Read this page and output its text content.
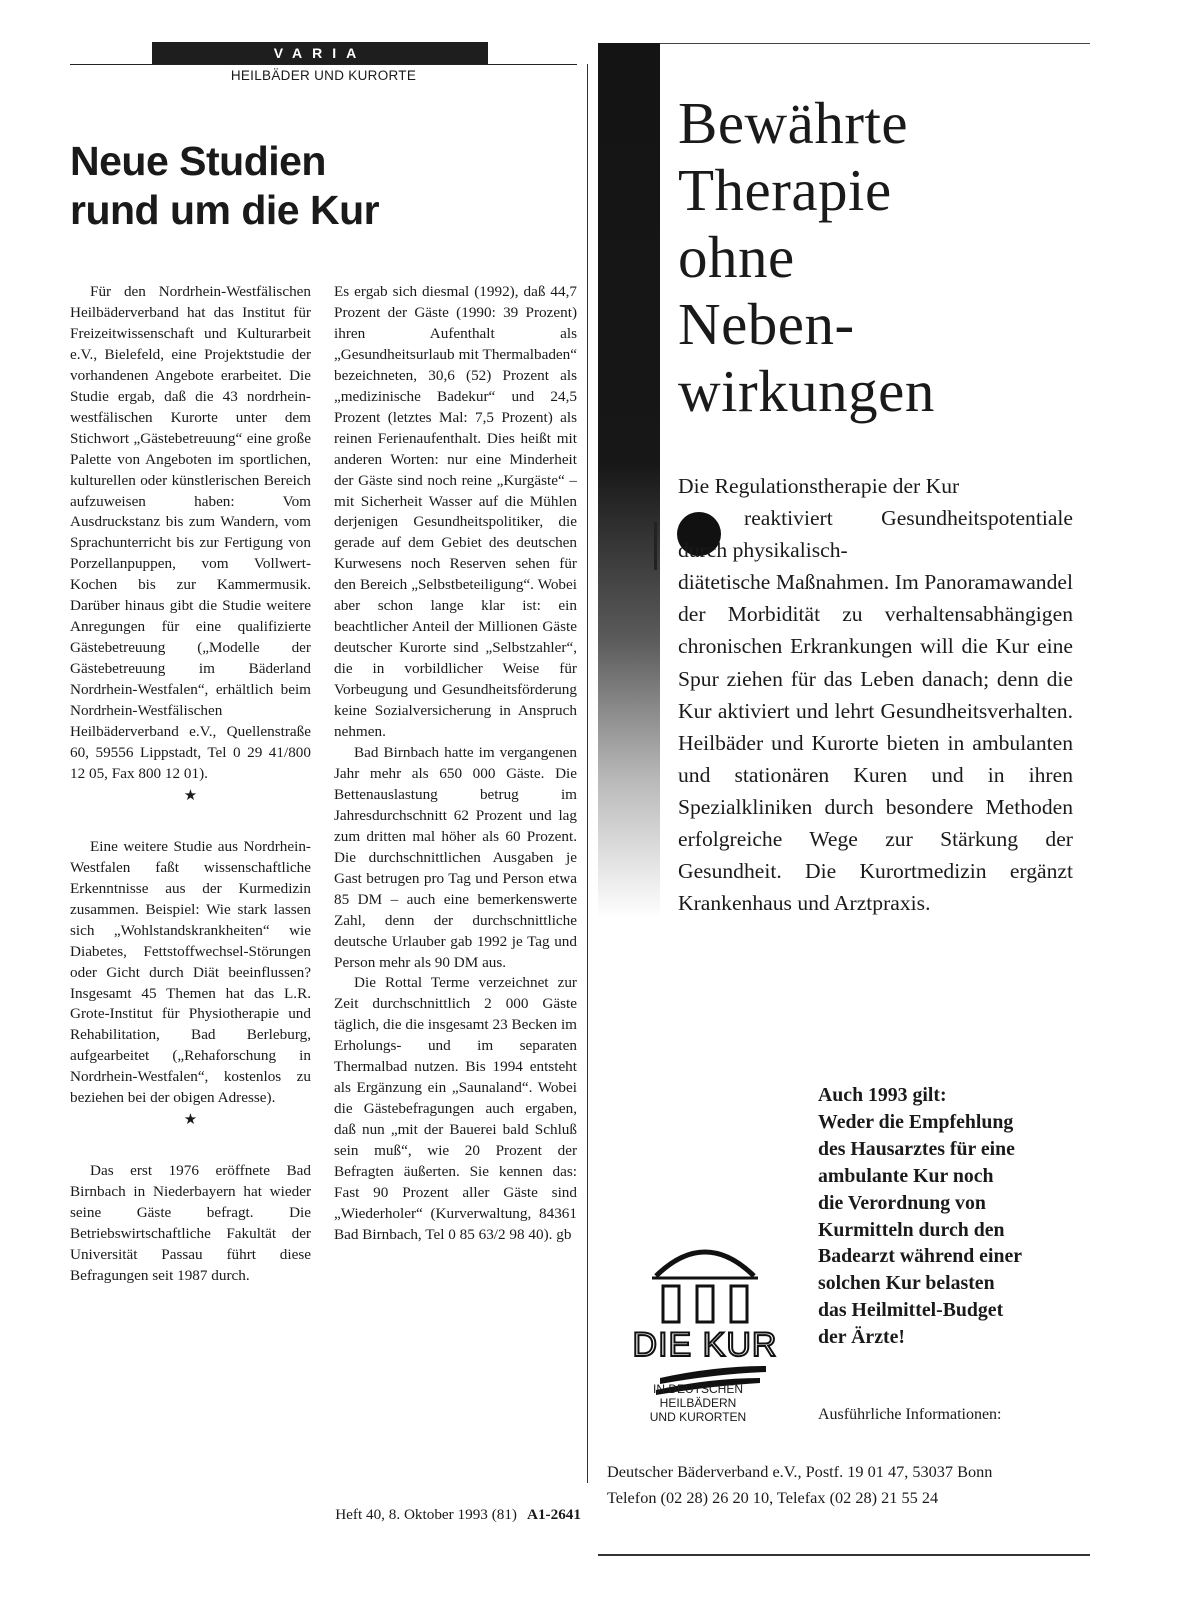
VARIA
HEILBÄDER UND KURORTE
Neue Studien
rund um die Kur

Für den Nordrhein-Westfälischen Heilbäderverband hat das Institut für Freizeitwissenschaft und Kulturarbeit e.V., Bielefeld, eine Projektstudie der vorhandenen Angebote erarbeitet. Die Studie ergab, daß die 43 nordrhein-westfälischen Kurorte unter dem Stichwort „Gästebetreuung“ eine große Palette von Angeboten im sportlichen, kulturellen oder künstlerischen Bereich aufzuweisen haben: Vom Ausdruckstanz bis zum Wandern, vom Sprachunterricht bis zur Fertigung von Porzellanpuppen, vom Vollwert-Kochen bis zur Kammermusik. Darüber hinaus gibt die Studie weitere Anregungen für eine qualifizierte Gästebetreuung („Modelle der Gästebetreuung im Bäderland Nordrhein-Westfalen“, erhältlich beim Nordrhein-Westfälischen Heilbäderverband e.V., Quellenstraße 60, 59556 Lippstadt, Tel 0 29 41/800 12 05, Fax 800 12 01).

★

Eine weitere Studie aus Nordrhein-Westfalen faßt wissenschaftliche Erkenntnisse aus der Kurmedizin zusammen. Beispiel: Wie stark lassen sich „Wohlstandskrankheiten“ wie Diabetes, Fettstoffwechsel-Störungen oder Gicht durch Diät beeinflussen? Insgesamt 45 Themen hat das L.R. Grote-Institut für Physiotherapie und Rehabilitation, Bad Berleburg, aufgearbeitet („Rehaforschung in Nordrhein-Westfalen“, kostenlos zu beziehen bei der obigen Adresse).

★

Das erst 1976 eröffnete Bad Birnbach in Niederbayern hat wieder seine Gäste befragt. Die Betriebswirtschaftliche Fakultät der Universität Passau führt diese Befragungen seit 1987 durch.

Es ergab sich diesmal (1992), daß 44,7 Prozent der Gäste (1990: 39 Prozent) ihren Aufenthalt als „Gesundheitsurlaub mit Thermalbaden“ bezeichneten, 30,6 (52) Prozent als „medizinische Badekur“ und 24,5 Prozent (letztes Mal: 7,5 Prozent) als reinen Ferienaufenthalt. Dies heißt mit anderen Worten: nur eine Minderheit der Gäste sind noch reine „Kurgäste“ – mit Sicherheit Wasser auf die Mühlen derjenigen Gesundheitspolitiker, die gerade auf dem Gebiet des deutschen Kurwesens noch Reserven sehen für den Bereich „Selbstbeteiligung“. Wobei aber schon lange klar ist: ein beachtlicher Anteil der Millionen Gäste deutscher Kurorte sind „Selbstzahler“, die in vorbildlicher Weise für Vorbeugung und Gesundheitsförderung keine Sozialversicherung in Anspruch nehmen.

Bad Birnbach hatte im vergangenen Jahr mehr als 650 000 Gäste. Die Bettenauslastung betrug im Jahresdurchschnitt 62 Prozent und lag zum dritten mal höher als 60 Prozent. Die durchschnittlichen Ausgaben je Gast betrugen pro Tag und Person etwa 85 DM – auch eine bemerkenswerte Zahl, denn der durchschnittliche deutsche Urlauber gab 1992 je Tag und Person mehr als 90 DM aus.

Die Rottal Terme verzeichnet zur Zeit durchschnittlich 2 000 Gäste täglich, die die insgesamt 23 Becken im Erholungs- und im separaten Thermalbad nutzen. Bis 1994 entsteht als Ergänzung ein „Saunaland“. Wobei die Gästebefragungen auch ergaben, daß nun „mit der Bauerei bald Schluß sein muß“, wie 20 Prozent der Befragten äußerten. Sie kennen das: Fast 90 Prozent aller Gäste sind „Wiederholer“ (Kurverwaltung, 84361 Bad Birnbach, Tel 0 85 63/2 98 40). gb

Heft 40, 8. Oktober 1993 (81) A1-2641
Bewährte
Therapie
ohne
Neben-
wirkungen
Die Regulationstherapie der Kur
reaktiviert Gesundheitspotentiale durch physikalisch-
diätetische Maßnahmen. Im Panoramawandel der Morbidität zu verhaltensabhängigen chronischen Erkrankungen will die Kur eine Spur ziehen für das Leben danach; denn die Kur aktiviert und lehrt Gesundheitsverhalten. Heilbäder und Kurorte bieten in ambulanten und stationären Kuren und in ihren Spezialkliniken durch besondere Methoden erfolgreiche Wege zur Stärkung der Gesundheit. Die Kurortmedizin ergänzt Krankenhaus und Arztpraxis.
Auch 1993 gilt:
Weder die Empfehlung
des Hausarztes für eine
ambulante Kur noch
die Verordnung von
Kurmitteln durch den
Badearzt während einer
solchen Kur belasten
das Heilmittel-Budget
der Ärzte!
DIE KUR
IN DEUTSCHEN
HEILBÄDERN
UND KURORTEN	Ausführliche Informationen:
Deutscher Bäderverband e.V., Postf. 19 01 47, 53037 Bonn
Telefon (02 28) 26 20 10, Telefax (02 28) 21 55 24
